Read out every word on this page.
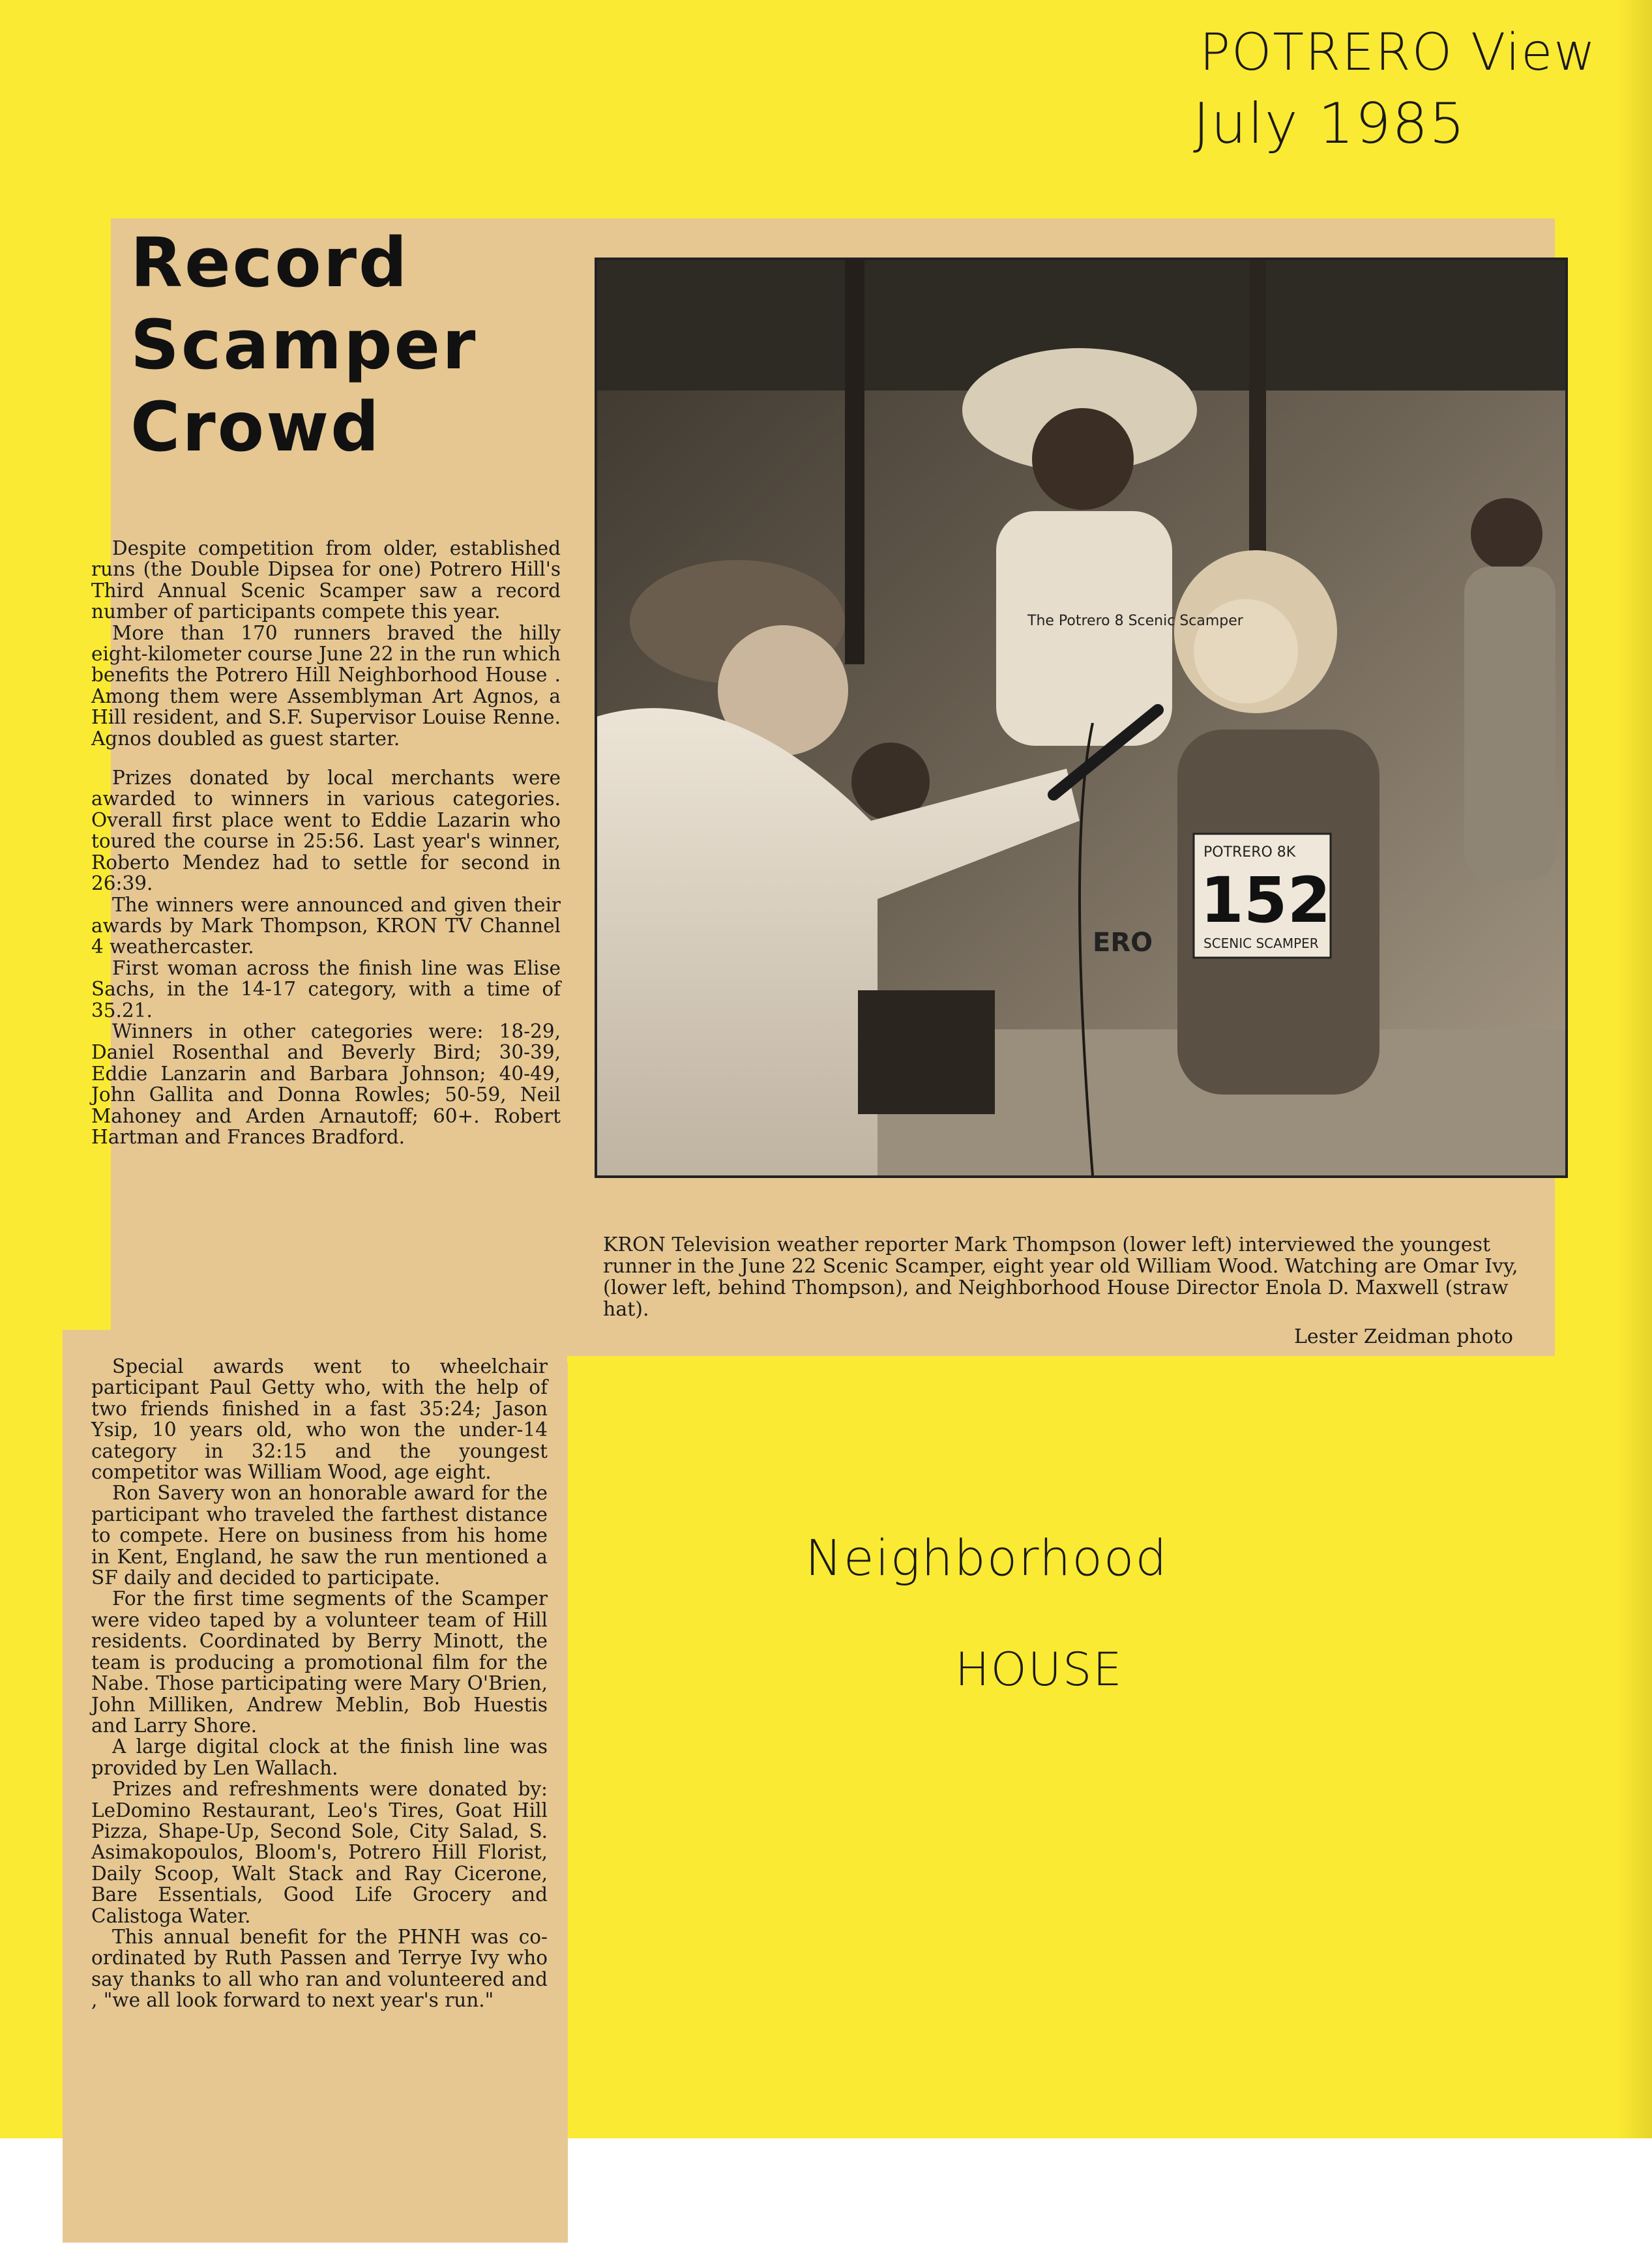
POTRERO View
July 1985
Record
Scamper
Crowd

Despite competition from older, established runs (the Double Dipsea for one) Potrero Hill's Third Annual Scenic Scamper saw a record number of participants compete this year.

More than 170 runners braved the hilly eight-kilometer course June 22 in the run which benefits the Potrero Hill Neighborhood House . Among them were Assemblyman Art Agnos, a Hill resident, and S.F. Supervisor Louise Renne. Agnos doubled as guest starter.

Prizes donated by local merchants were awarded to winners in various categories. Overall first place went to Eddie Lazarin who toured the course in 25:56. Last year's winner, Roberto Mendez had to settle for second in 26:39.

The winners were announced and given their awards by Mark Thompson, KRON TV Channel 4 weathercaster.

First woman across the finish line was Elise Sachs, in the 14-17 category, with a time of 35.21.

Winners in other categories were: 18-29, Daniel Rosenthal and Beverly Bird; 30-39, Eddie Lanzarin and Barbara Johnson; 40-49, John Gallita and Donna Rowles; 50-59, Neil Mahoney and Arden Arnautoff; 60+. Robert Hartman and Frances Bradford.

Special awards went to wheelchair participant Paul Getty who, with the help of two friends finished in a fast 35:24; Jason Ysip, 10 years old, who won the under-14 category in 32:15 and the youngest competitor was William Wood, age eight.

Ron Savery won an honorable award for the participant who traveled the farthest distance to compete. Here on business from his home in Kent, England, he saw the run mentioned a SF daily and decided to participate.

For the first time segments of the Scamper were video taped by a volunteer team of Hill residents. Coordinated by Berry Minott, the team is producing a promotional film for the Nabe. Those participating were Mary O'Brien, John Milliken, Andrew Meblin, Bob Huestis and Larry Shore.

A large digital clock at the finish line was provided by Len Wallach.

Prizes and refreshments were donated by: LeDomino Restaurant, Leo's Tires, Goat Hill Pizza, Shape-Up, Second Sole, City Salad, S. Asimakopoulos, Bloom's, Potrero Hill Florist, Daily Scoop, Walt Stack and Ray Cicerone, Bare Essentials, Good Life Grocery and Calistoga Water.

This annual benefit for the PHNH was co-ordinated by Ruth Passen and Terrye Ivy who say thanks to all who ran and volunteered and , "we all look forward to next year's run."

POTRERO 8K
152
SCENIC SCAMPER
The Potrero 8 Scenic Scamper
ERO

KRON Television weather reporter Mark Thompson (lower left) interviewed the youngest runner in the June 22 Scenic Scamper, eight year old William Wood. Watching are Omar Ivy, (lower left, behind Thompson), and Neighborhood House Director Enola D. Maxwell (straw hat).

Lester Zeidman photo
Neighborhood
HOUSE
